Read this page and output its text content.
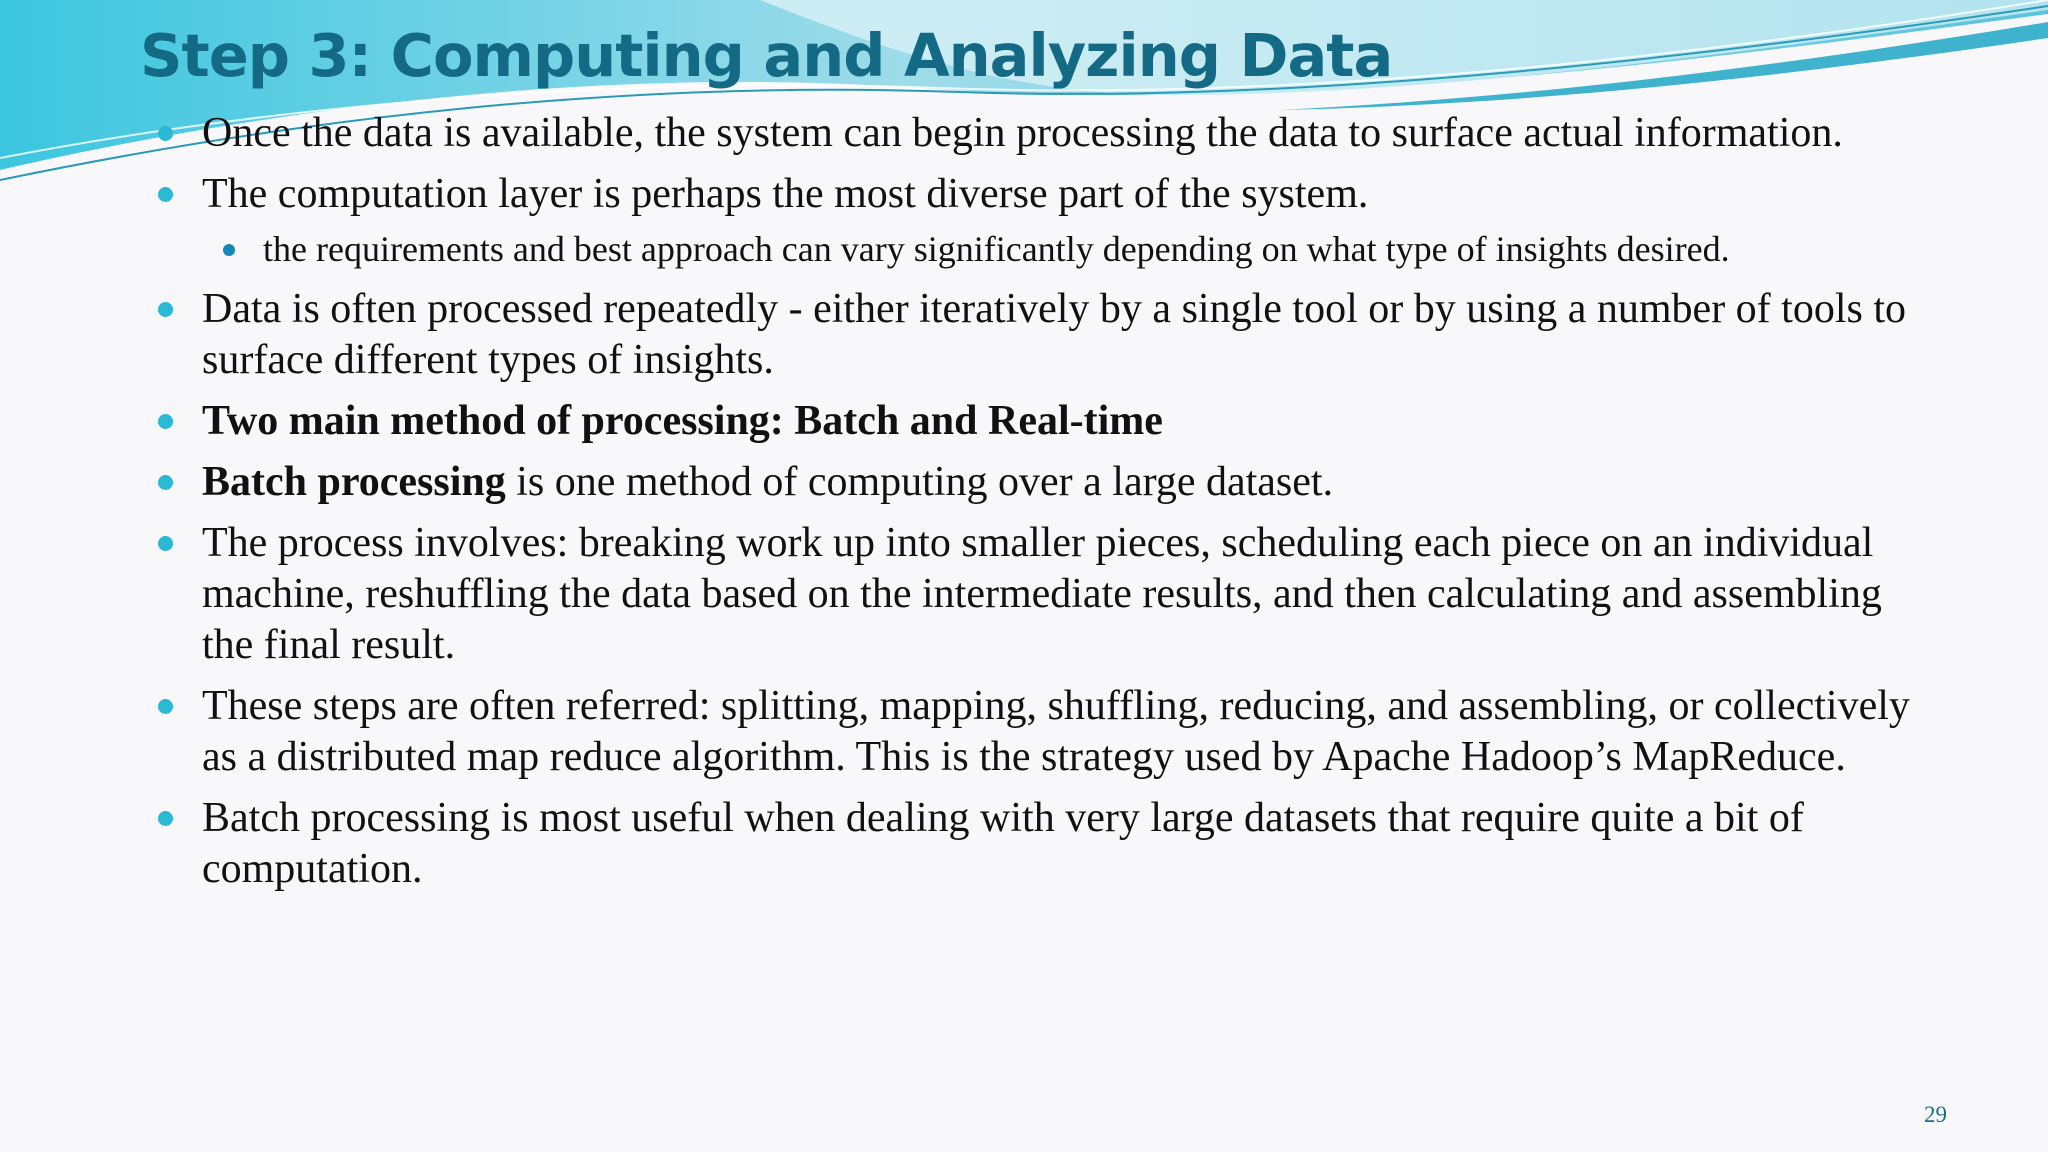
Step 3: Computing and Analyzing Data
Once the data is available, the system can begin processing the data to surface actual information.
The computation layer is perhaps the most diverse part of the system.
the requirements and best approach can vary significantly depending on what type of insights desired.
Data is often processed repeatedly - either iteratively by a single tool or by using a number of tools to surface different types of insights.
Two main method of processing: Batch and Real-time
Batch processing is one method of computing over a large dataset.
The process involves: breaking work up into smaller pieces, scheduling each piece on an individual machine, reshuffling the data based on the intermediate results, and then calculating and assembling the final result.
These steps are often referred: splitting, mapping, shuffling, reducing, and assembling, or collectively as a distributed map reduce algorithm. This is the strategy used by Apache Hadoop’s MapReduce.
Batch processing is most useful when dealing with very large datasets that require quite a bit of computation.
29
